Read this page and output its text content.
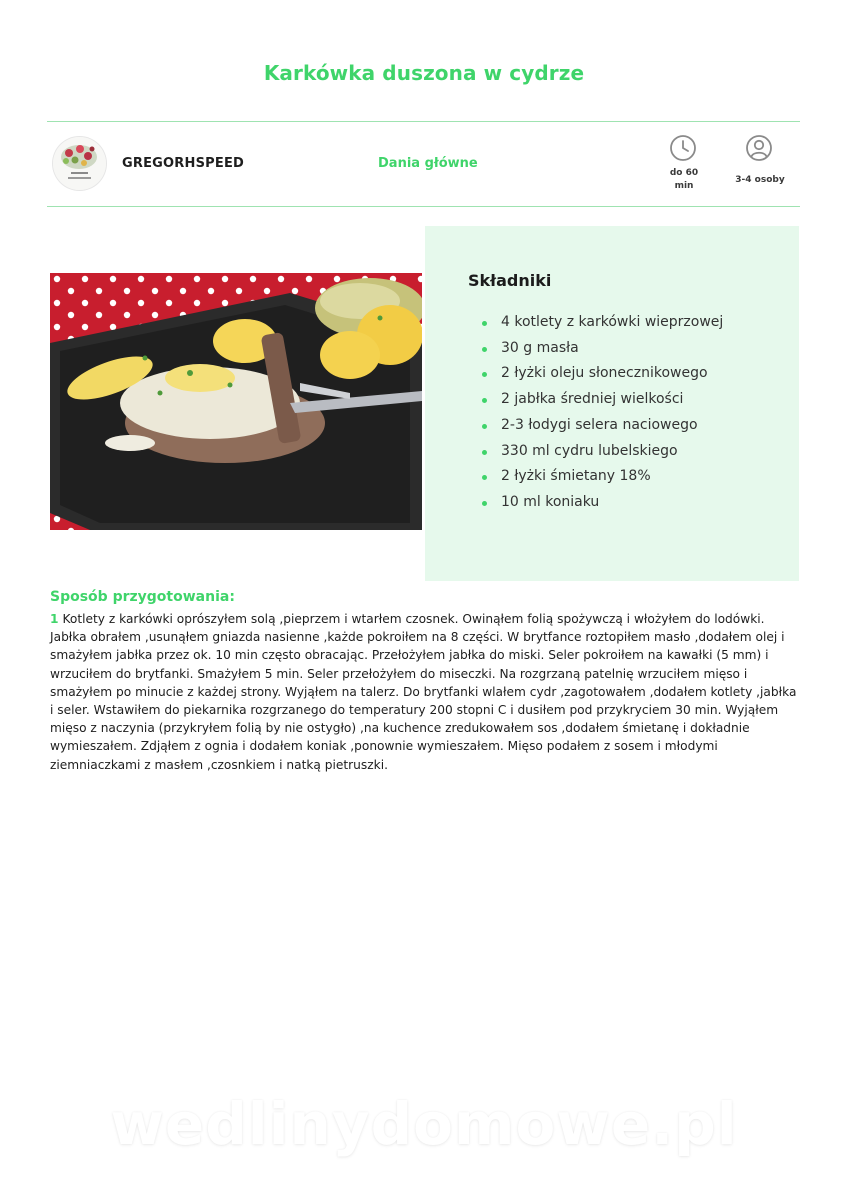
Karkówka duszona w cydrze
GREGORHSPEED	Dania główne
do 60
min
3-4 osoby
Składniki
4 kotlety z karkówki wieprzowej
30 g masła
2 łyżki oleju słonecznikowego
2 jabłka średniej wielkości
2-3 łodygi selera naciowego
330 ml cydru lubelskiego
2 łyżki śmietany 18%
10 ml koniaku
Sposób przygotowania:

1 Kotlety z karkówki oprószyłem solą ,pieprzem i wtarłem czosnek. Owinąłem folią spożywczą i włożyłem do lodówki. Jabłka obrałem ,usunąłem gniazda nasienne ,każde pokroiłem na 8 części. W brytfance roztopiłem masło ,dodałem olej i smażyłem jabłka przez ok. 10 min często obracając. Przełożyłem jabłka do miski. Seler pokroiłem na kawałki (5 mm) i wrzuciłem do brytfanki. Smażyłem 5 min. Seler przełożyłem do miseczki. Na rozgrzaną patelnię wrzuciłem mięso i smażyłem po minucie z każdej strony. Wyjąłem na talerz. Do brytfanki wlałem cydr ,zagotowałem ,dodałem kotlety ,jabłka i seler. Wstawiłem do piekarnika rozgrzanego do temperatury 200 stopni C i dusiłem pod przykryciem 30 min. Wyjąłem mięso z naczynia (przykryłem folią by nie ostygło) ,na kuchence zredukowałem sos ,dodałem śmietanę i dokładnie wymieszałem. Zdjąłem z ognia i dodałem koniak ,ponownie wymieszałem. Mięso podałem z sosem i młodymi ziemniaczkami z masłem ,czosnkiem i natką pietruszki.

wedlinydomowe.pl
